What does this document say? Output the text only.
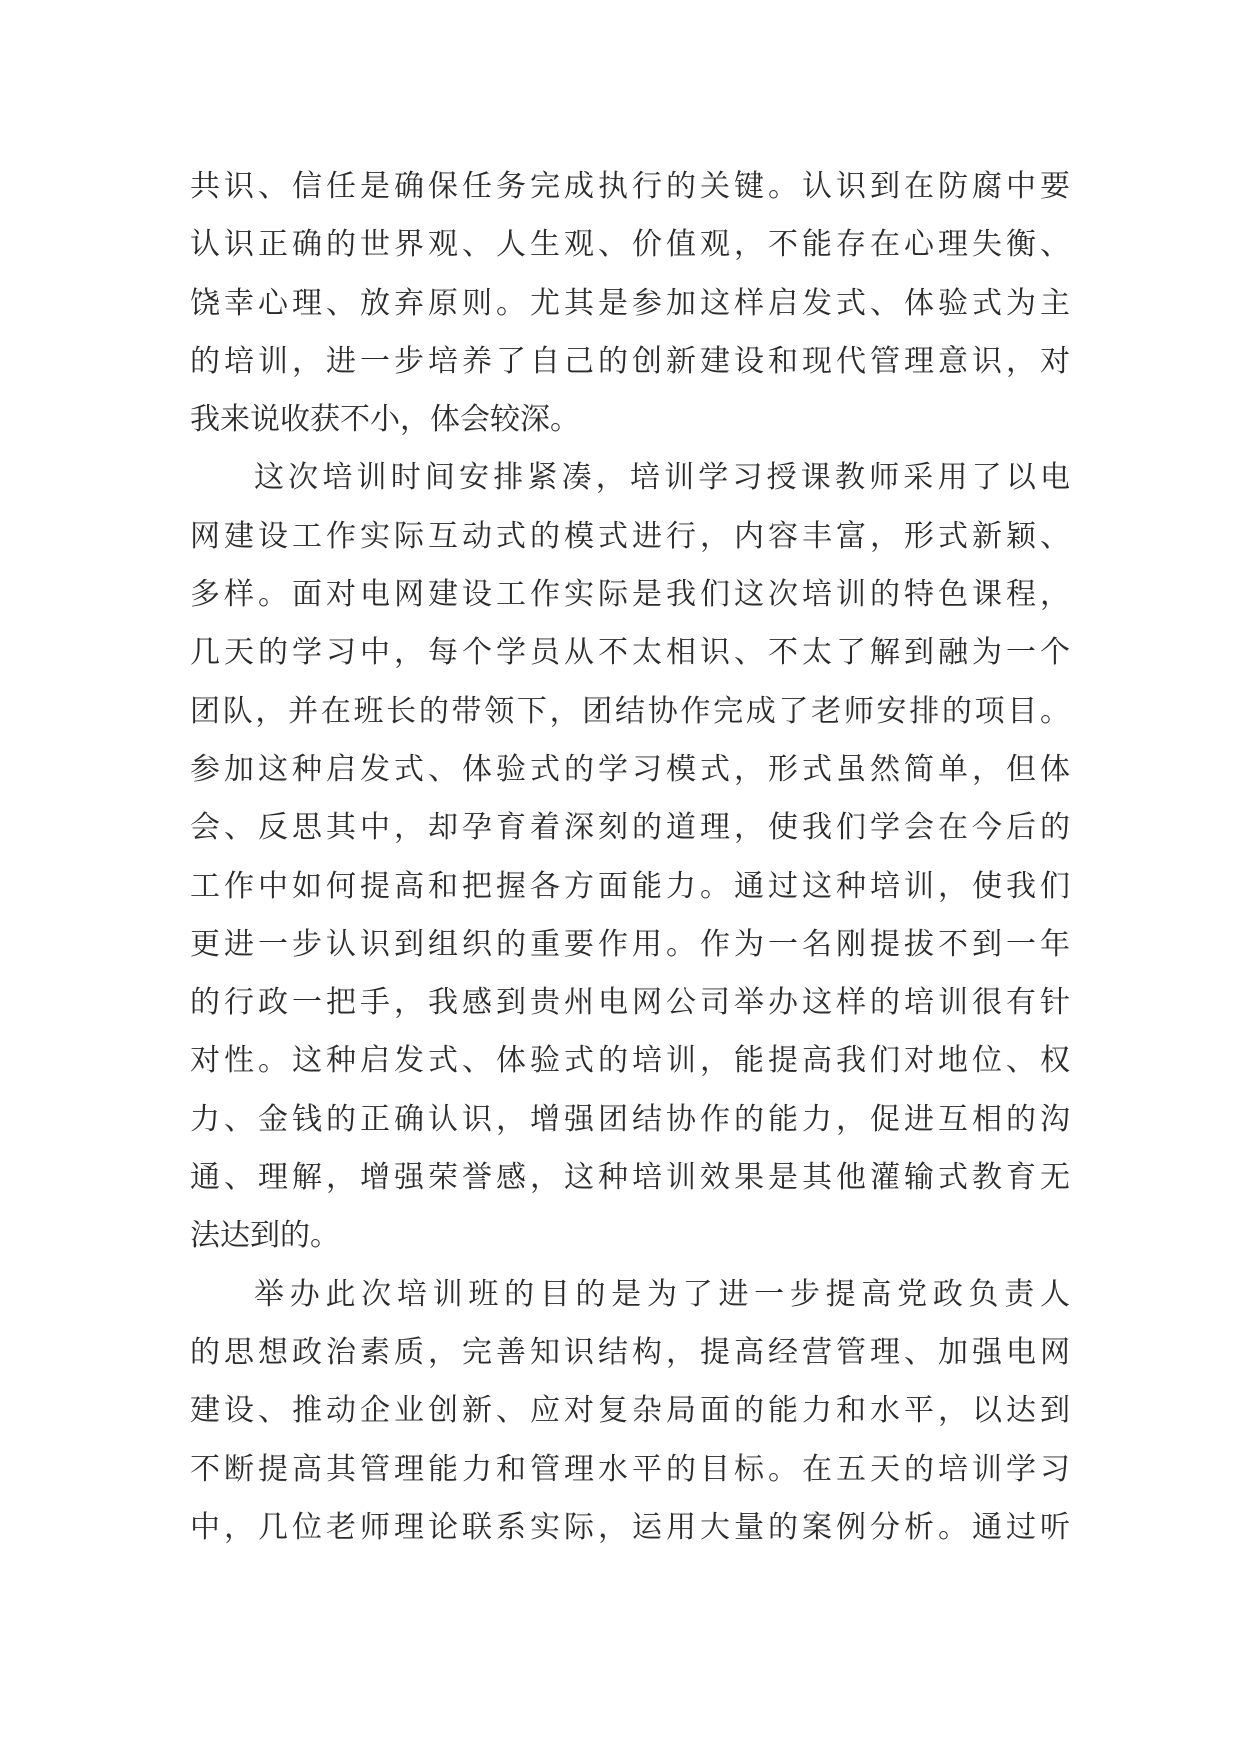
共识、信任是确保任务完成执行的关键。认识到在防腐中要
认识正确的世界观、人生观、价值观，不能存在心理失衡、
饶幸心理、放弃原则。尤其是参加这样启发式、体验式为主
的培训，进一步培养了自己的创新建设和现代管理意识，对
我来说收获不小，体会较深。
这次培训时间安排紧凑，培训学习授课教师采用了以电
网建设工作实际互动式的模式进行，内容丰富，形式新颖、
多样。面对电网建设工作实际是我们这次培训的特色课程，
几天的学习中，每个学员从不太相识、不太了解到融为一个
团队，并在班长的带领下，团结协作完成了老师安排的项目。
参加这种启发式、体验式的学习模式，形式虽然简单，但体
会、反思其中，却孕育着深刻的道理，使我们学会在今后的
工作中如何提高和把握各方面能力。通过这种培训，使我们
更进一步认识到组织的重要作用。作为一名刚提拔不到一年
的行政一把手，我感到贵州电网公司举办这样的培训很有针
对性。这种启发式、体验式的培训，能提高我们对地位、权
力、金钱的正确认识，增强团结协作的能力，促进互相的沟
通、理解，增强荣誉感，这种培训效果是其他灌输式教育无
法达到的。
举办此次培训班的目的是为了进一步提高党政负责人
的思想政治素质，完善知识结构，提高经营管理、加强电网
建设、推动企业创新、应对复杂局面的能力和水平，以达到
不断提高其管理能力和管理水平的目标。在五天的培训学习
中，几位老师理论联系实际，运用大量的案例分析。通过听
